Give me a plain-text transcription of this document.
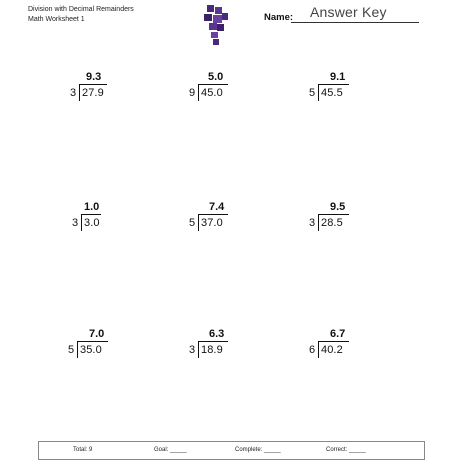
Division with Decimal Remainders
Math Worksheet 1	Name: Answer Key
9.3
3 27.9
5.0
9 45.0
9.1
5 45.5
1.0
3 3.0
7.4
5 37.0
9.5
3 28.5
7.0
5 35.0
6.3
3 18.9
6.7
6 40.2
Total: 9	Goal: _____	Complete: _____	Correct: _____
